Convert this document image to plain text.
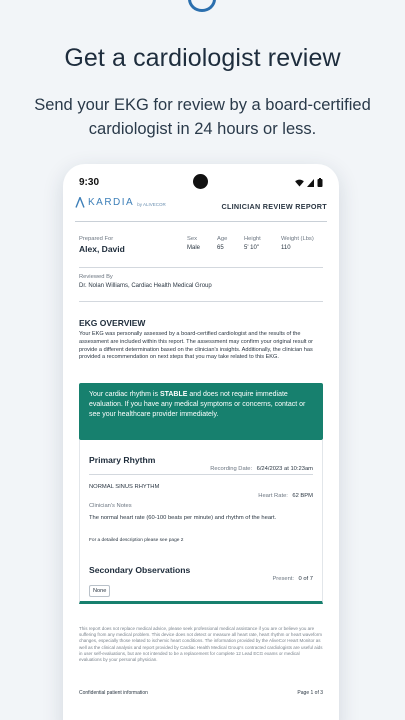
Get a cardiologist review

Send your EKG for review by a board-certified cardiologist in 24 hours or less.

9:30
KARDIA by ALIVECOR	CLINICIAN REVIEW REPORT
Prepared For
Alex, David
Sex
Male
Age
65
Height
5' 10"
Weight (Lbs)
110
Reviewed By
Dr. Nolan Williams, Cardiac Health Medical Group
EKG OVERVIEW

Your EKG was personally assessed by a board-certified cardiologist and the results of the assessment are included within this report. The assessment may confirm your original result or provide a different determination based on the clinician's insights. Additionally, the clinician has provided a recommendation on next steps that you may take related to this EKG.

Your cardiac rhythm is STABLE and does not require immediate evaluation. If you have any medical symptoms or concerns, contact or see your healthcare provider immediately.
Primary Rhythm
Recording Date: 6/24/2023 at 10:23am
NORMAL SINUS RHYTHM
Heart Rate: 62 BPM
Clinician's Notes
The normal heart rate (60-100 beats per minute) and rhythm of the heart.
For a detailed description please see page 2
Secondary Observations
Present: 0 of 7
None

This report does not replace medical advice, please seek professional medical assistance if you are or believe you are suffering from any medical problem. This device does not detect or measure all heart rate, heart rhythm or heart waveform changes, especially those related to ischemic heart conditions. The information provided by the AliveCor Heart Monitor as well as the clinical analysis and report provided by Cardiac Health Medical Group's contracted cardiologists are useful aids in user self-evaluations, but are not intended to be a replacement for complete 12 Lead ECG exams or medical evaluations by your personal physician.

Confidential patient information	Page 1 of 3
